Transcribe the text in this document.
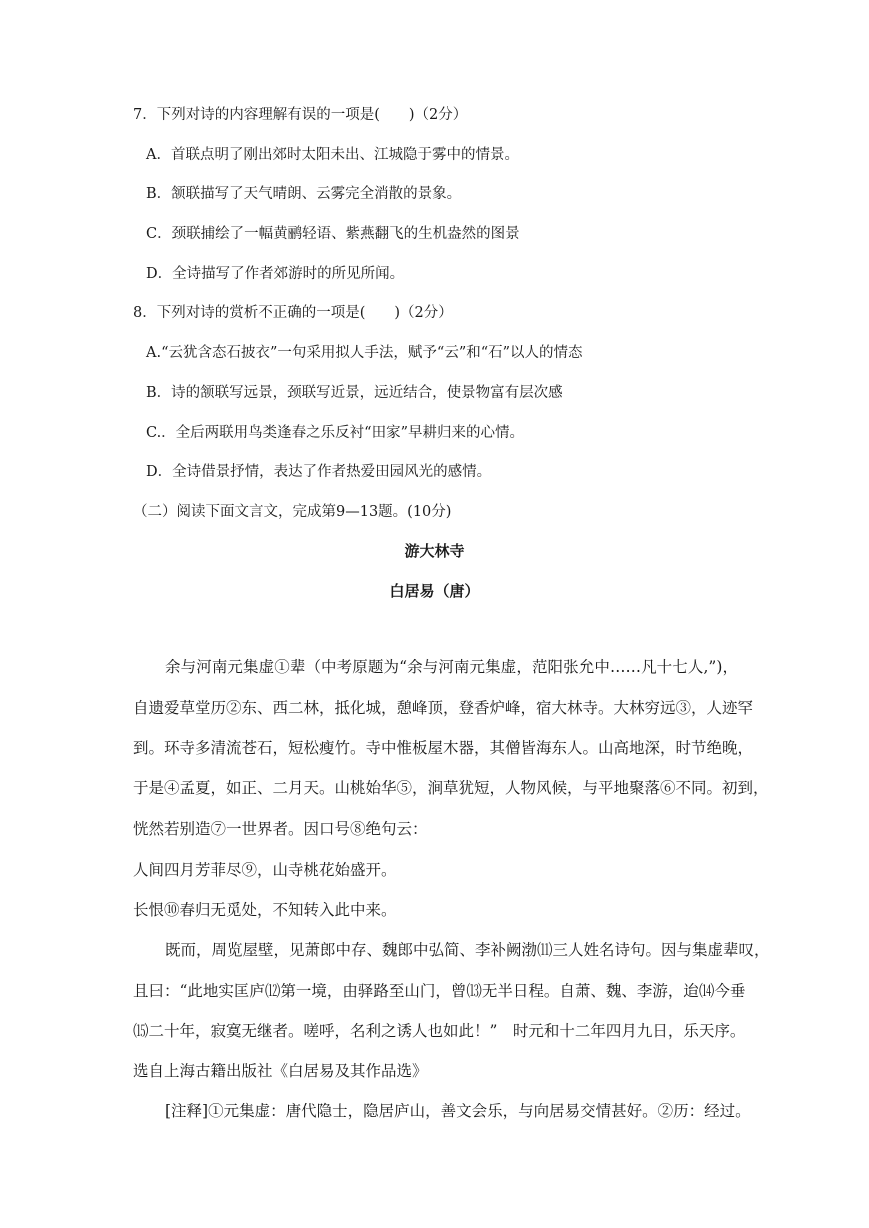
7．下列对诗的内容理解有误的一项是(　　)（2分）
A．首联点明了刚出郊时太阳未出、江城隐于雾中的情景。
B．颔联描写了天气晴朗、云雾完全消散的景象。
C．颈联捕绘了一幅黄鹂轻语、紫燕翻飞的生机盎然的图景
D．全诗描写了作者郊游时的所见所闻。
8．下列对诗的赏析不正确的一项是(　　)（2分）
A.“云犹含态石披衣”一句采用拟人手法，赋予“云”和“石”以人的情态
B．诗的颔联写远景，颈联写近景，远近结合，使景物富有层次感
C.．全后两联用鸟类逢春之乐反衬“田家”早耕归来的心情。
D．全诗借景抒情，表达了作者热爱田园风光的感情。
（二）阅读下面文言文，完成第9—13题。(10分)
游大林寺
白居易（唐）
余与河南元集虚①辈（中考原题为“余与河南元集虚，范阳张允中……凡十七人,”)，
自遗爱草堂历②东、西二林，抵化城，憩峰顶，登香炉峰，宿大林寺。大林穷远③，人迹罕
到。环寺多清流苍石，短松瘦竹。寺中惟板屋木器，其僧皆海东人。山高地深，时节绝晚，
于是④孟夏，如正、二月天。山桃始华⑤，涧草犹短，人物风候，与平地聚落⑥不同。初到，
恍然若别造⑦一世界者。因口号⑧绝句云：
人间四月芳菲尽⑨，山寺桃花始盛开。
长恨⑩春归无觅处，不知转入此中来。
既而，周览屋壁，见萧郎中存、魏郎中弘简、李补阙渤⑾三人姓名诗句。因与集虚辈叹，
且曰：“此地实匡庐⑿第一境，由驿路至山门，曾⒀无半日程。自萧、魏、李游，迨⒁今垂
⒂二十年，寂寞无继者。嗟呼，名利之诱人也如此！”　时元和十二年四月九日，乐天序。
选自上海古籍出版社《白居易及其作品选》
[注释]①元集虚：唐代隐士，隐居庐山，善文会乐，与向居易交情甚好。②历：经过。
